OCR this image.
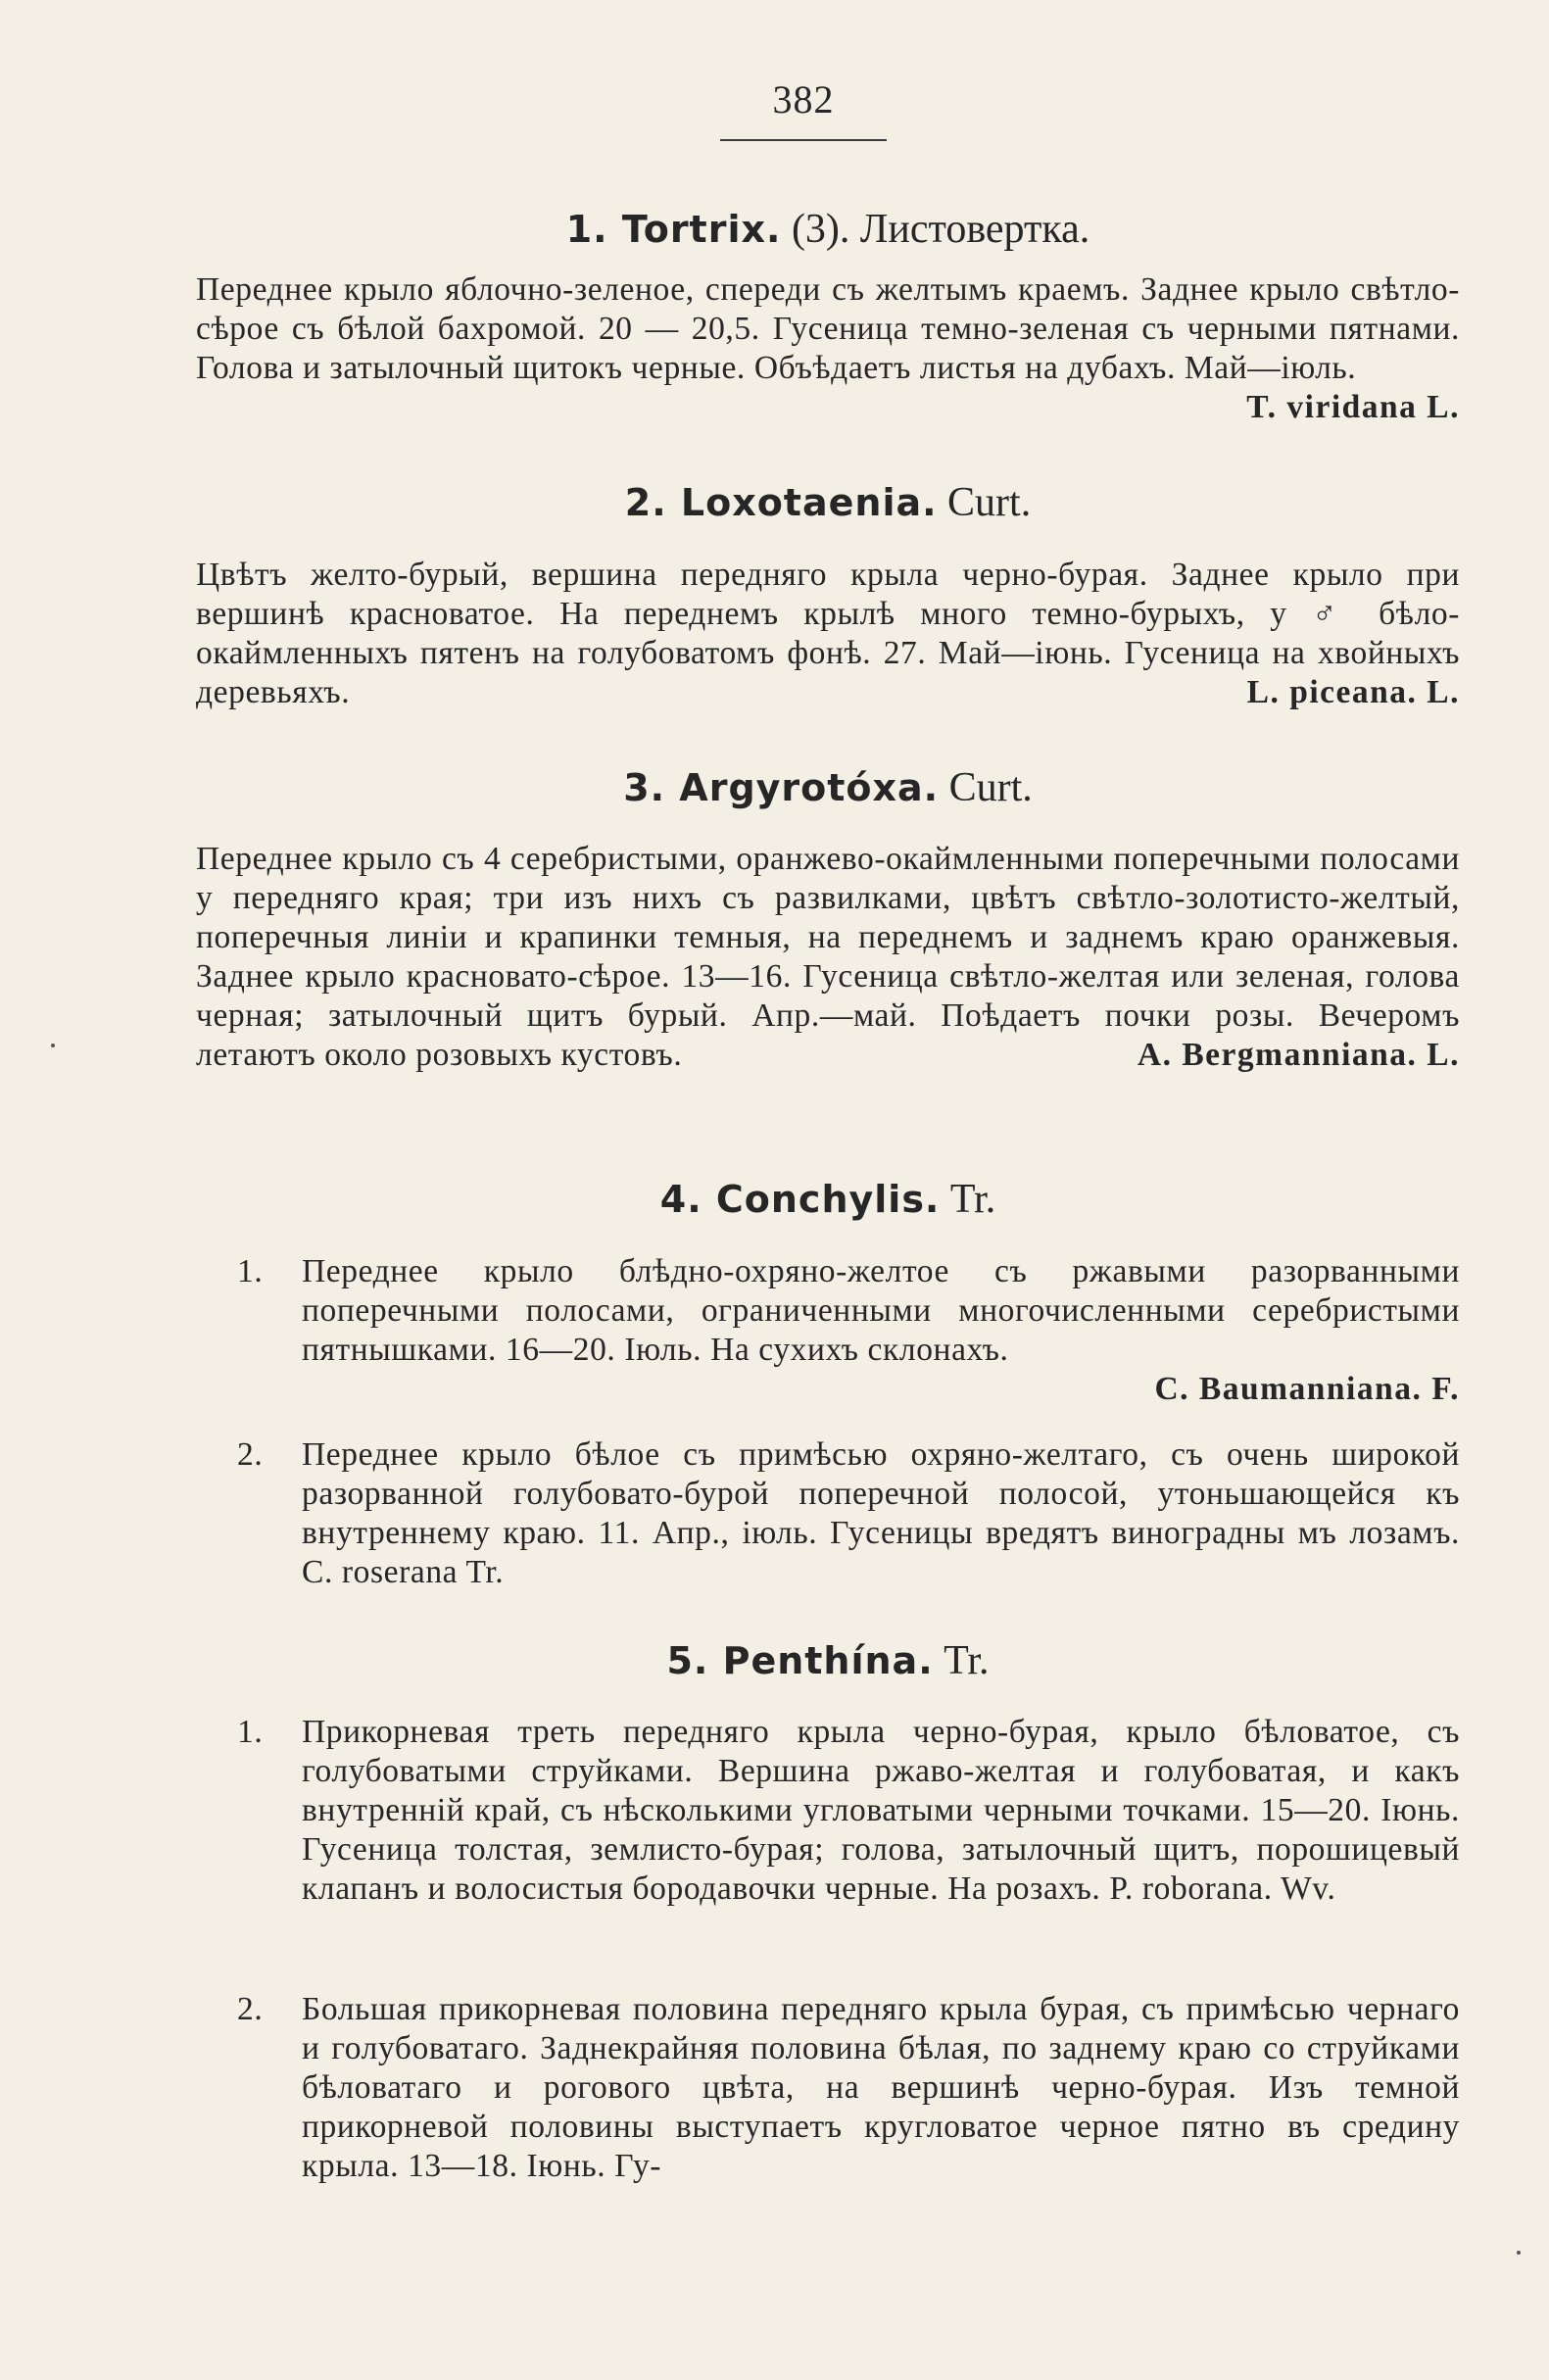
382
1. Tortrix. (3). Листовертка.
Переднее крыло яблочно-зеленое, спереди съ желтымъ краемъ. Заднее крыло свѣтло-сѣрое съ бѣлой бахромой. 20 — 20,5. Гусеница темно-зеленая съ черными пятнами. Голова и затылочный щитокъ черные. Объѣдаетъ листья на дубахъ. Май—iюль.
T. viridana L.
2. Loxotaenia. Curt.
Цвѣтъ желто-бурый, вершина передняго крыла черно-бурая. Заднее крыло при вершинѣ красноватое. На переднемъ крылѣ много темно-бурыхъ, у ♂ бѣло-окаймленныхъ пятенъ на голубоватомъ фонѣ. 27. Май—iюнь. Гусеница на хвойныхъ деревьяхъ.	L. piceana. L.
3. Argyrotóxa. Curt.
Переднее крыло съ 4 серебристыми, оранжево-окаймленными поперечными полосами у передняго края; три изъ нихъ съ развилками, цвѣтъ свѣтло-золотисто-желтый, поперечныя линiи и крапинки темныя, на переднемъ и заднемъ краю оранжевыя. Заднее крыло красновато-сѣрое. 13—16. Гусеница свѣтло-желтая или зеленая, голова черная; затылочный щитъ бурый. Апр.—май. Поѣдаетъ почки розы. Вечеромъ летаютъ около розовыхъ кустовъ.	A. Bergmanniana. L.
4. Conchylis. Tr.
1. Переднее крыло блѣдно-охряно-желтое съ ржавыми разорванными поперечными полосами, ограниченными многочисленными серебристыми пятнышками. 16—20. Iюль. На сухихъ склонахъ.
C. Baumanniana. F.
2. Переднее крыло бѣлое съ примѣсью охряно-желтаго, съ очень широкой разорванной голубовато-бурой поперечной полосой, утоньшающейся къ внутреннему краю. 11. Апр., iюль. Гусеницы вредятъ виноградны мъ лозамъ. C. roserana Tr.
5. Penthína. Tr.
1. Прикорневая треть передняго крыла черно-бурая, крыло бѣловатое, съ голубоватыми струйками. Вершина ржаво-желтая и голубоватая, и какъ внутреннiй край, съ нѣсколькими угловатыми черными точками. 15—20. Iюнь. Гусеница толстая, землисто-бурая; голова, затылочный щитъ, порошицевый клапанъ и волосистыя бородавочки черные. На розахъ. P. roborana. Wv.
2. Большая прикорневая половина передняго крыла бурая, съ примѣсью чернаго и голубоватаго. Заднекрайняя половина бѣлая, по заднему краю со струйками бѣловатаго и рогового цвѣта, на вершинѣ черно-бурая. Изъ темной прикорневой половины выступаетъ кругловатое черное пятно въ средину крыла. 13—18. Iюнь. Гу-
